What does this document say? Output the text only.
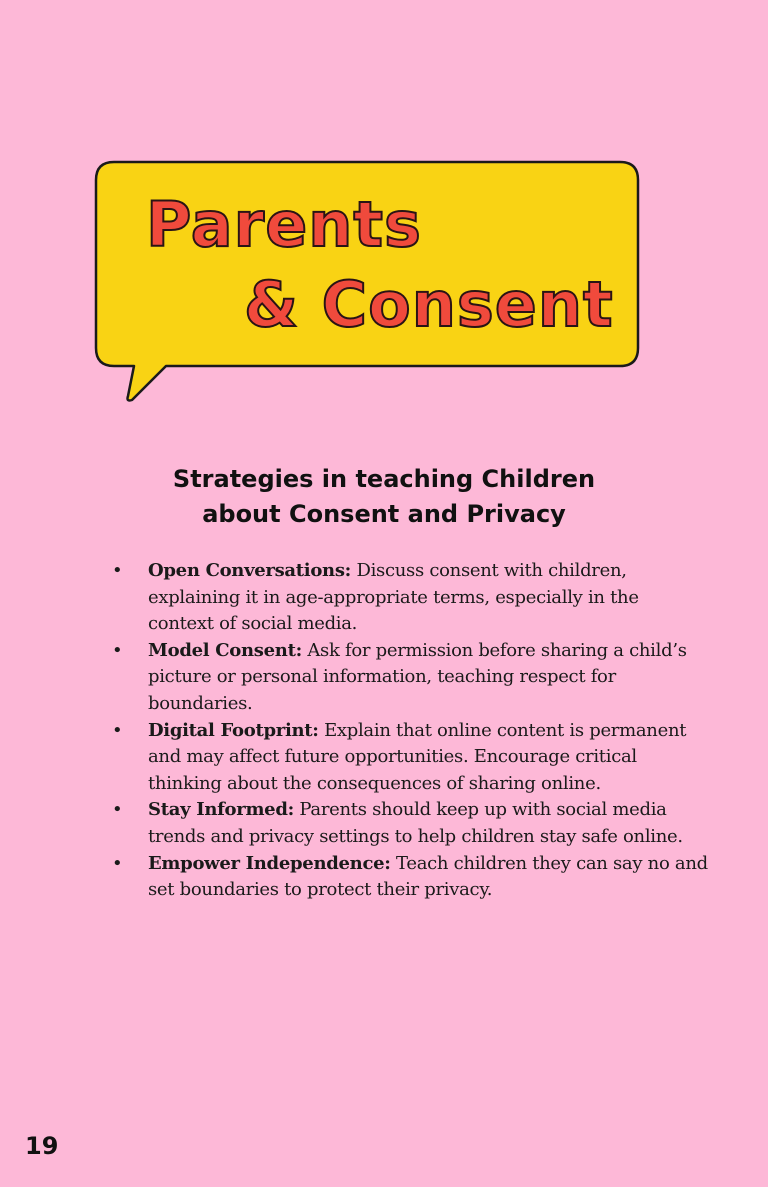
Parents
& Consent
Strategies in teaching Children
about Consent and Privacy
• Open Conversations: Discuss consent with children, explaining it in age-appropriate terms, especially in the context of social media.
• Model Consent: Ask for permission before sharing a child’s picture or personal information, teaching respect for boundaries.
• Digital Footprint: Explain that online content is permanent and may affect future opportunities. Encourage critical thinking about the consequences of sharing online.
• Stay Informed: Parents should keep up with social media trends and privacy settings to help children stay safe online.
• Empower Independence: Teach children they can say no and set boundaries to protect their privacy.

19
